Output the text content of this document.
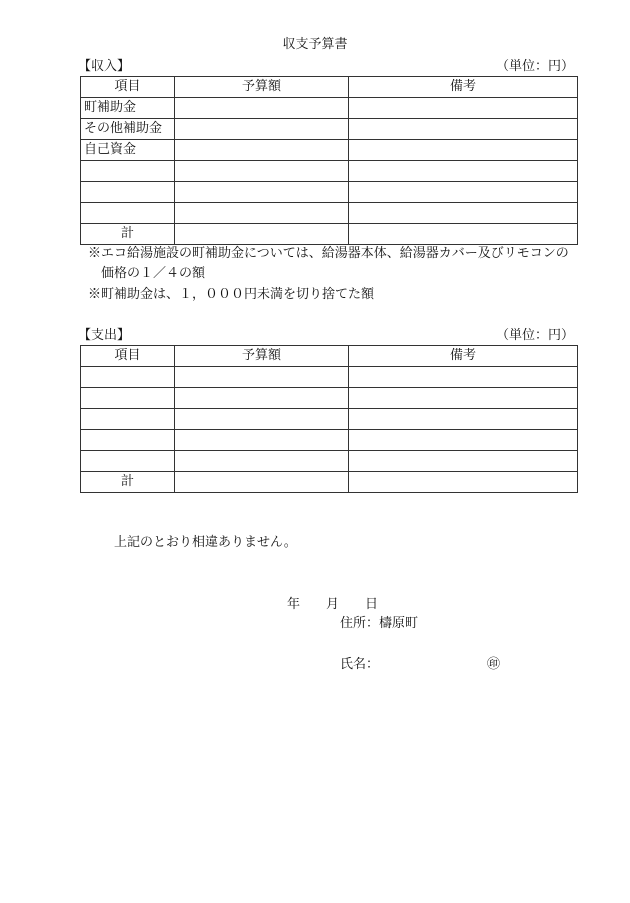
収支予算書
【収入】	（単位：円）
項目	予算額	備考
町補助金		
その他補助金		
自己資金		

計		
※エコ給湯施設の町補助金については、給湯器本体、給湯器カバー及びリモコンの
　価格の１／４の額
※町補助金は、１，０００円未満を切り捨てた額
【支出】	（単位：円）
項目	予算額	備考

計		
上記のとおり相違ありません。
年　　月　　日
住所：檮原町
氏名：	㊞
